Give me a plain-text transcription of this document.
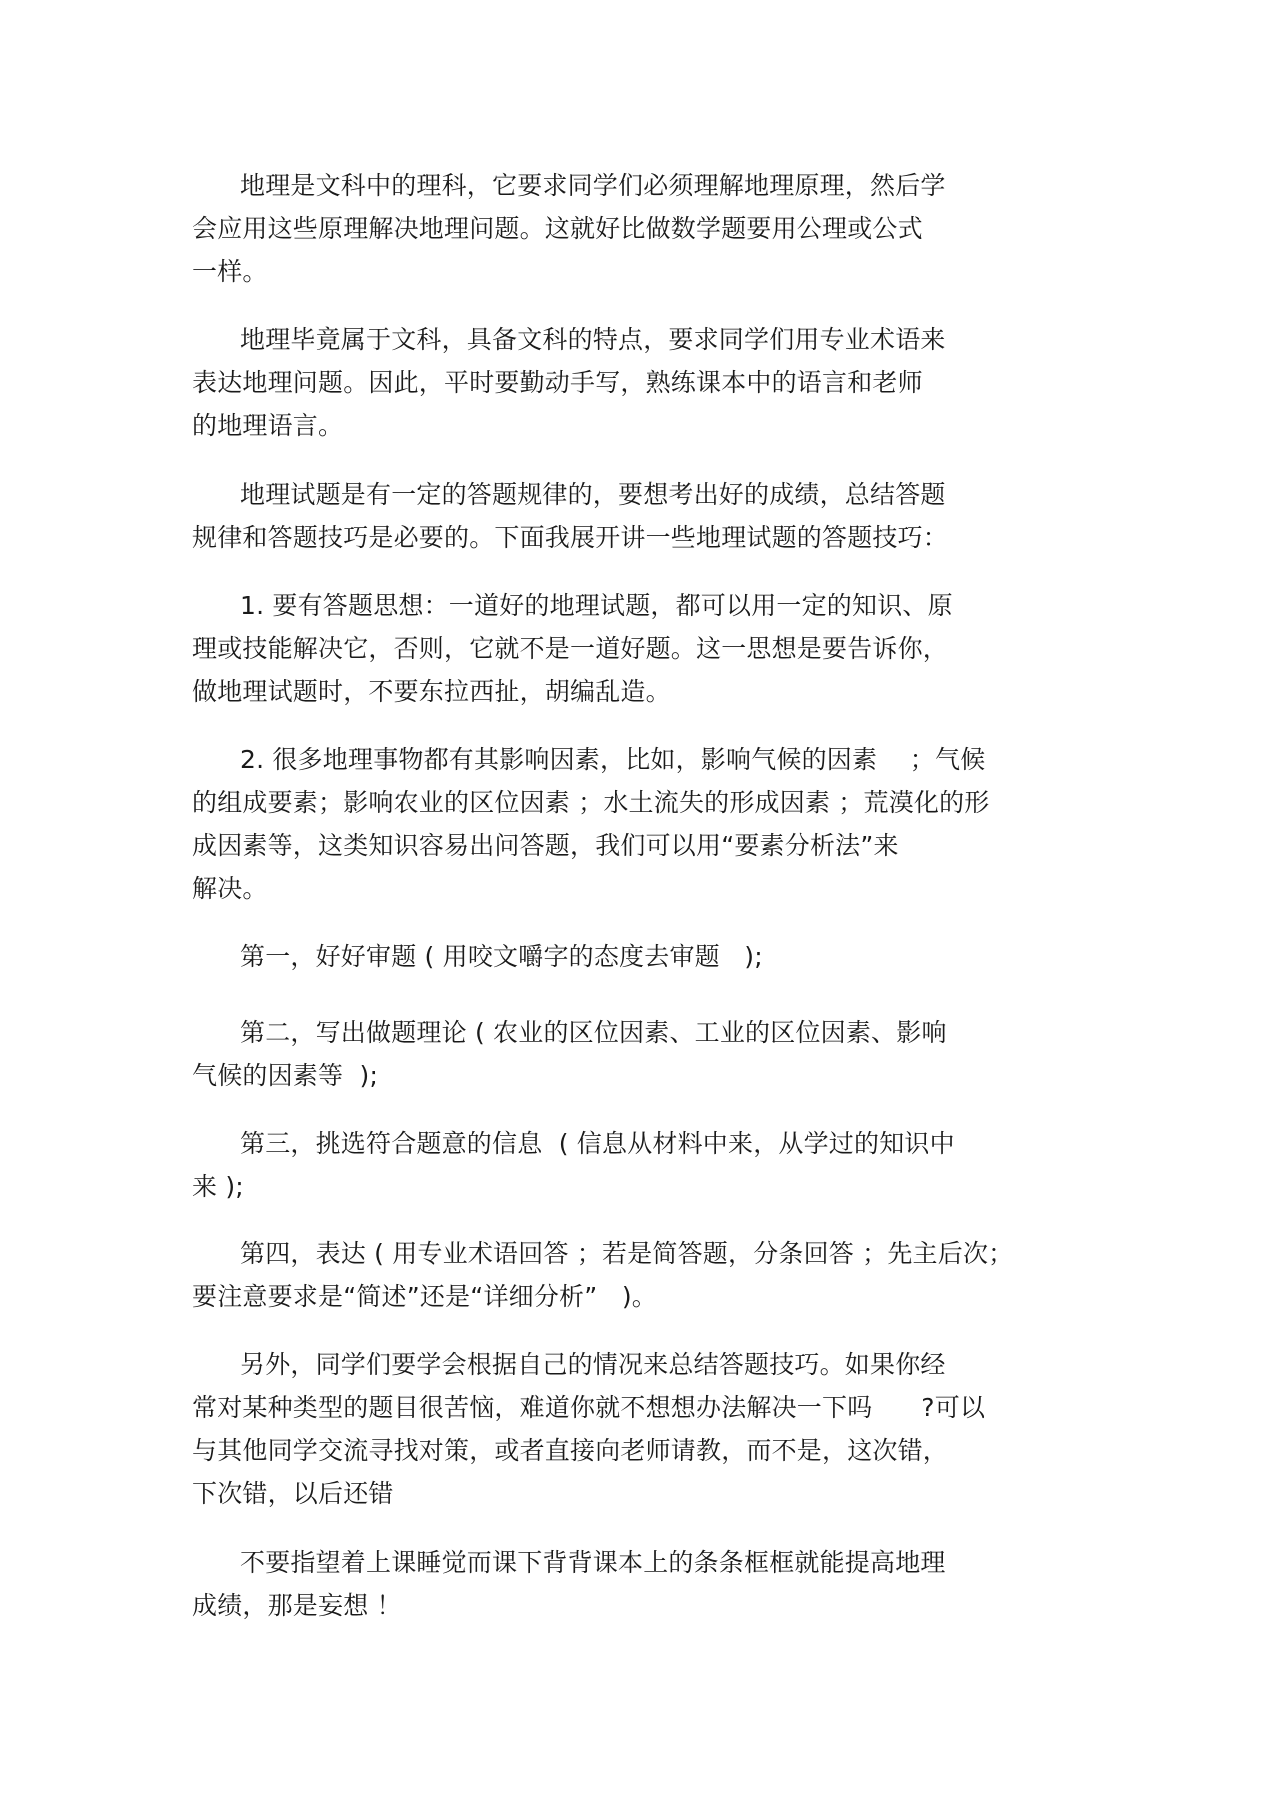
地理是文科中的理科，它要求同学们必须理解地理原理，然后学
会应用这些原理解决地理问题。这就好比做数学题要用公理或公式
一样。
地理毕竟属于文科，具备文科的特点，要求同学们用专业术语来
表达地理问题。因此，平时要勤动手写，熟练课本中的语言和老师
的地理语言。
地理试题是有一定的答题规律的，要想考出好的成绩，总结答题
规律和答题技巧是必要的。下面我展开讲一些地理试题的答题技巧：
1. 要有答题思想：一道好的地理试题，都可以用一定的知识、原
理或技能解决它，否则，它就不是一道好题。这一思想是要告诉你，
做地理试题时，不要东拉西扯，胡编乱造。
2. 很多地理事物都有其影响因素，比如，影响气候的因素    ；气候
的组成要素；影响农业的区位因素 ；水土流失的形成因素 ；荒漠化的形
成因素等，这类知识容易出问答题，我们可以用“要素分析法”来
解决。
第一，好好审题 ( 用咬文嚼字的态度去审题   );
第二，写出做题理论 ( 农业的区位因素、工业的区位因素、影响
气候的因素等  );
第三，挑选符合题意的信息  ( 信息从材料中来，从学过的知识中
来 );
第四，表达 ( 用专业术语回答 ；若是简答题，分条回答 ；先主后次；
要注意要求是“简述”还是“详细分析”   )。
另外，同学们要学会根据自己的情况来总结答题技巧。如果你经
常对某种类型的题目很苦恼，难道你就不想想办法解决一下吗      ?可以
与其他同学交流寻找对策，或者直接向老师请教，而不是，这次错，
下次错，以后还错
不要指望着上课睡觉而课下背背课本上的条条框框就能提高地理
成绩，那是妄想 ！
